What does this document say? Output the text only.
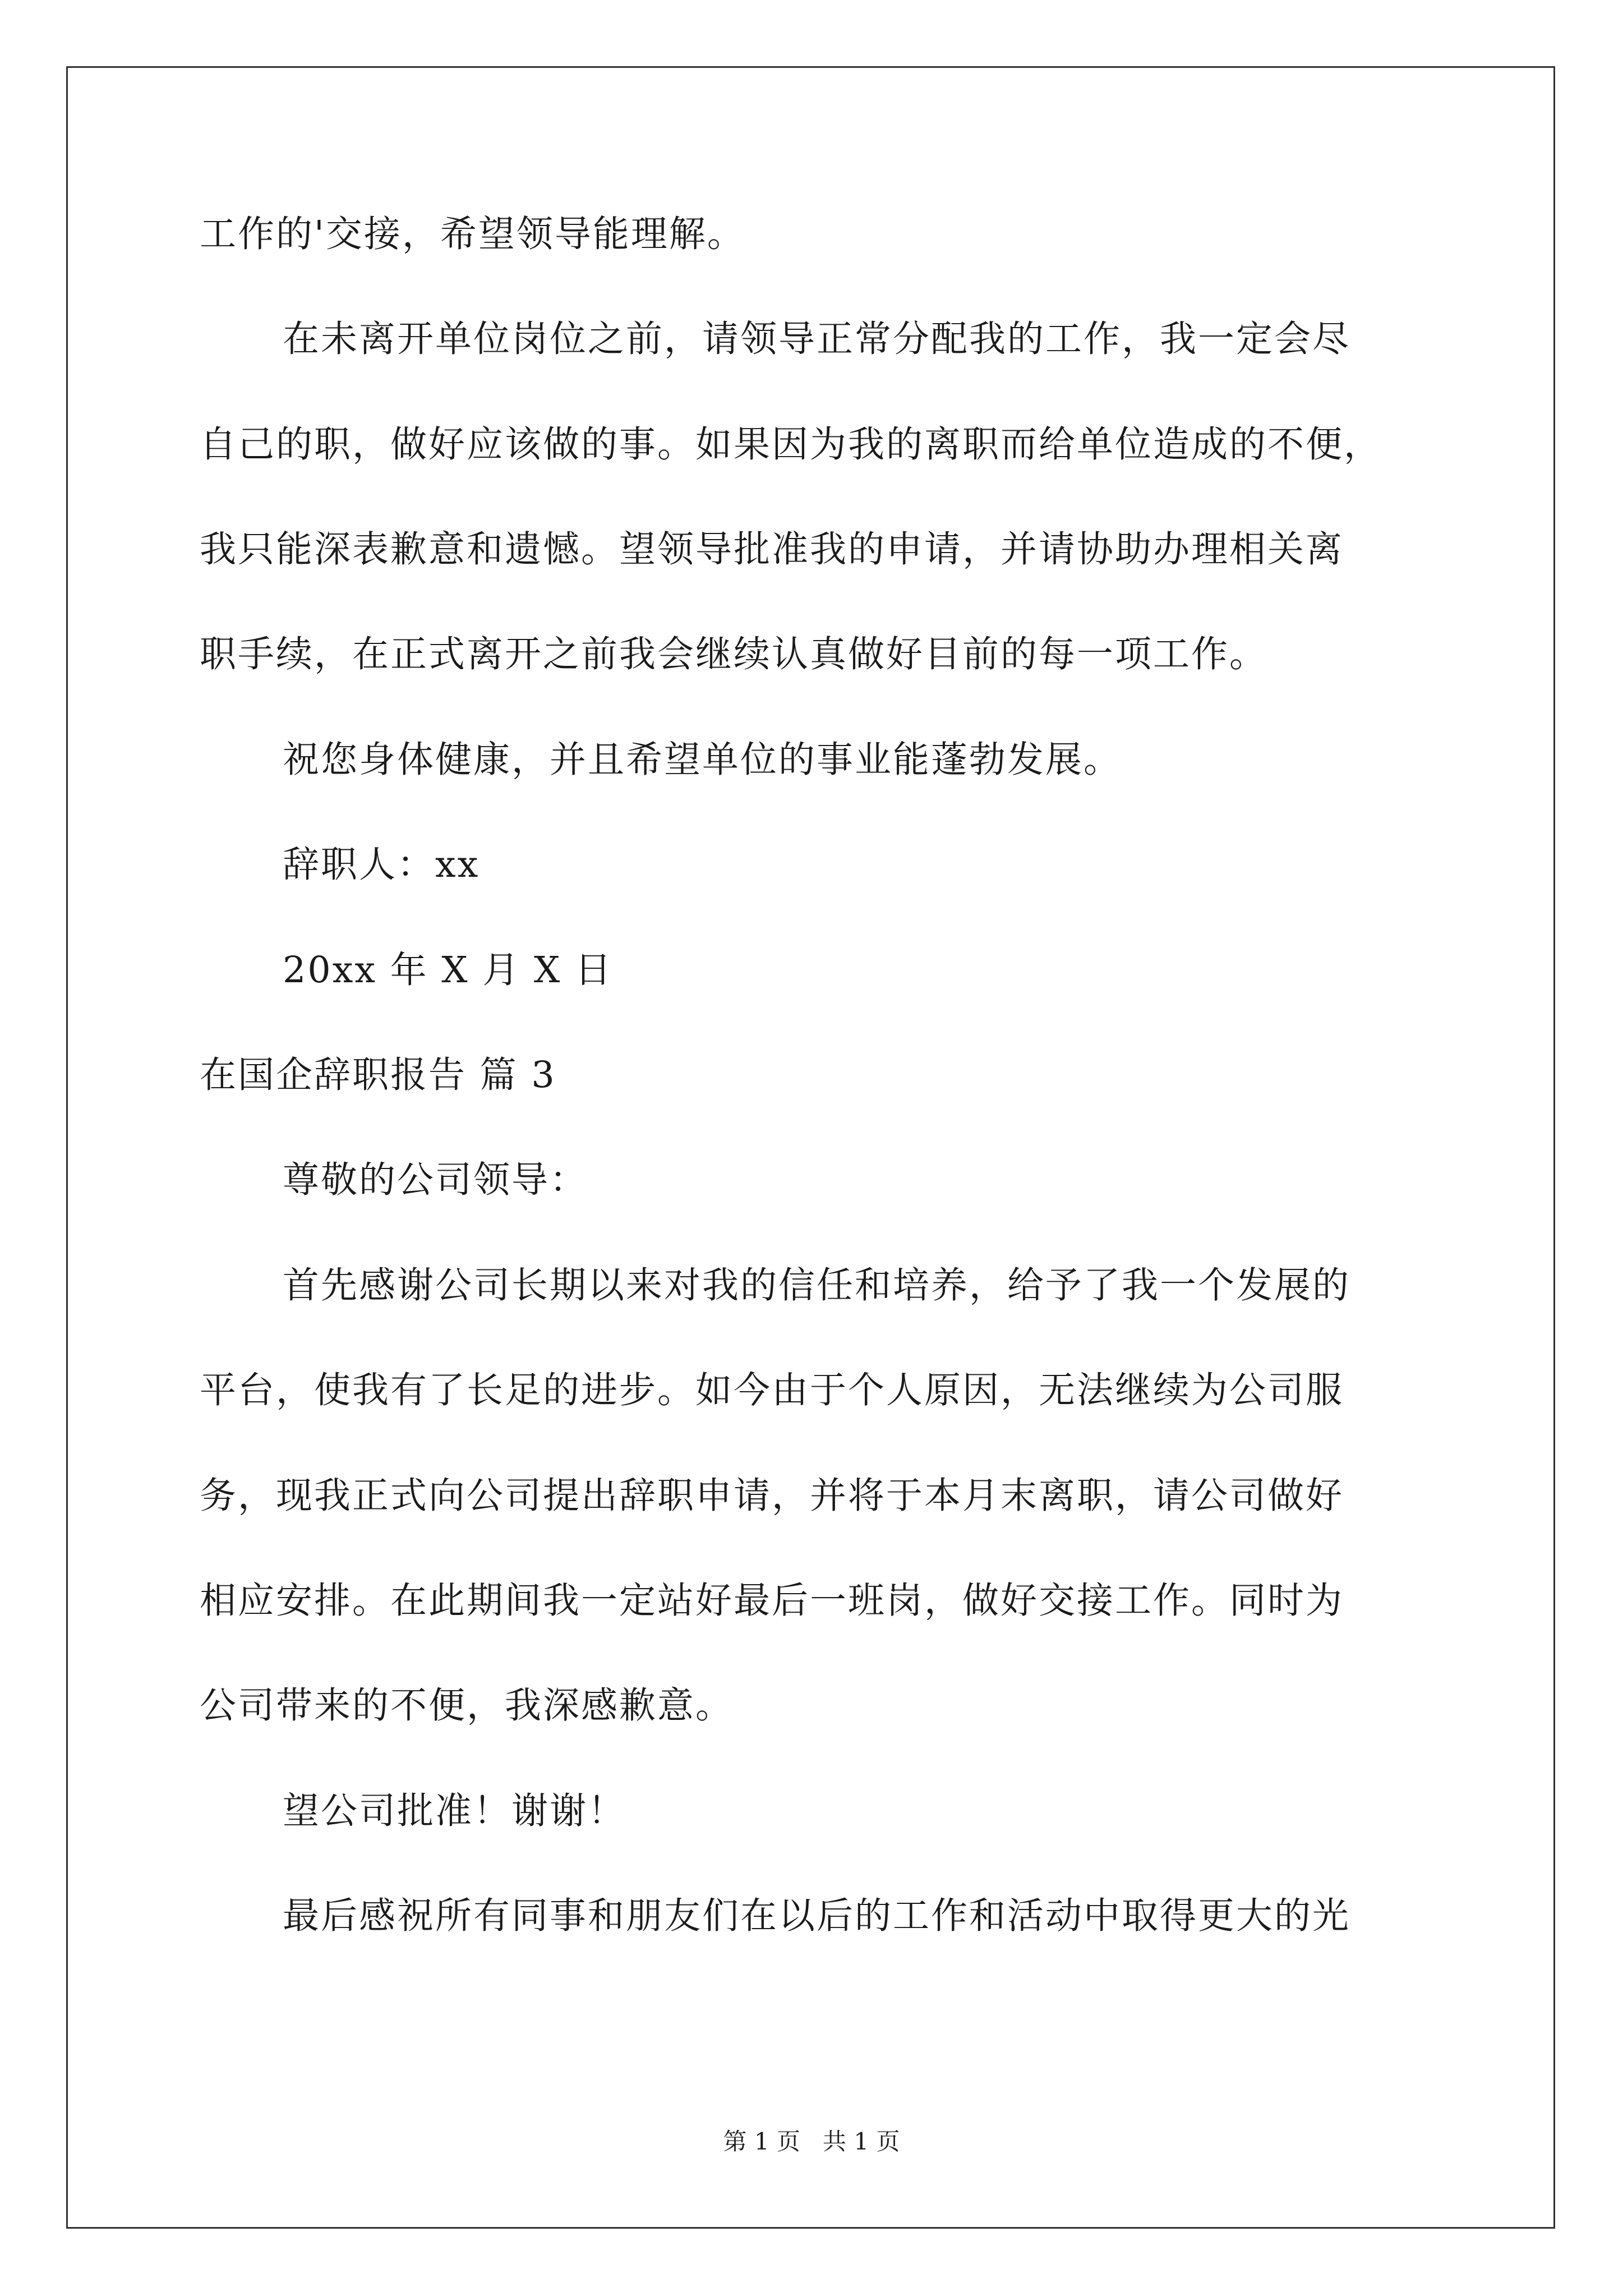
工作的'交接，希望领导能理解。
在未离开单位岗位之前，请领导正常分配我的工作，我一定会尽
自己的职，做好应该做的事。如果因为我的离职而给单位造成的不便，
我只能深表歉意和遗憾。望领导批准我的申请，并请协助办理相关离
职手续，在正式离开之前我会继续认真做好目前的每一项工作。
祝您身体健康，并且希望单位的事业能蓬勃发展。
辞职人：xx
20xx 年 X 月 X 日
在国企辞职报告 篇 3
尊敬的公司领导：
首先感谢公司长期以来对我的信任和培养，给予了我一个发展的
平台，使我有了长足的进步。如今由于个人原因，无法继续为公司服
务，现我正式向公司提出辞职申请，并将于本月末离职，请公司做好
相应安排。在此期间我一定站好最后一班岗，做好交接工作。同时为
公司带来的不便，我深感歉意。
望公司批准！谢谢！
最后感祝所有同事和朋友们在以后的工作和活动中取得更大的光
第 1 页   共 1 页
